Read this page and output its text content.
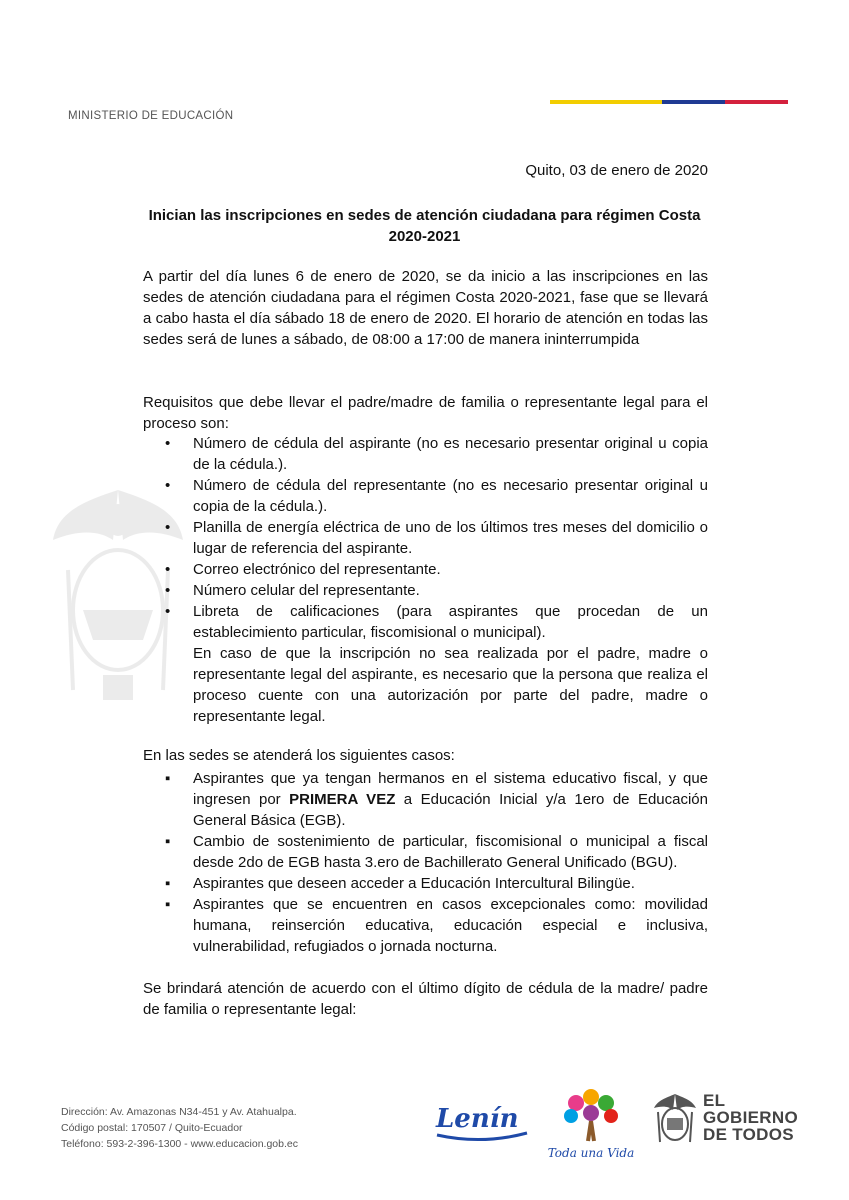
MINISTERIO DE EDUCACIÓN
Quito, 03 de enero de 2020
Inician las inscripciones en sedes de atención ciudadana para régimen Costa
2020-2021

A partir del día lunes 6 de enero de 2020, se da inicio a las inscripciones en las sedes de atención ciudadana para el régimen Costa 2020-2021, fase que se llevará a cabo hasta el día sábado 18 de enero de 2020. El horario de atención en todas las sedes será de lunes a sábado, de 08:00 a 17:00 de manera ininterrumpida

Requisitos que debe llevar el padre/madre de familia o representante legal para el proceso son:

• Número de cédula del aspirante (no es necesario presentar original u copia de la cédula.).
• Número de cédula del representante (no es necesario presentar original u copia de la cédula.).
• Planilla de energía eléctrica de uno de los últimos tres meses del domicilio o lugar de referencia del aspirante.
• Correo electrónico del representante.
• Número celular del representante.
• Libreta de calificaciones (para aspirantes que procedan de un establecimiento particular, fiscomisional o municipal).
En caso de que la inscripción no sea realizada por el padre, madre o representante legal del aspirante, es necesario que la persona que realiza el proceso cuente con una autorización por parte del padre, madre o representante legal.

En las sedes se atenderá los siguientes casos:

▪ Aspirantes que ya tengan hermanos en el sistema educativo fiscal, y que ingresen por PRIMERA VEZ a Educación Inicial y/a 1ero de Educación General Básica (EGB).
▪ Cambio de sostenimiento de particular, fiscomisional o municipal a fiscal desde 2do de EGB hasta 3.ero de Bachillerato General Unificado (BGU).
▪ Aspirantes que deseen acceder a Educación Intercultural Bilingüe.
▪ Aspirantes que se encuentren en casos excepcionales como: movilidad humana, reinserción educativa, educación especial e inclusiva, vulnerabilidad, refugiados o jornada nocturna.

Se brindará atención de acuerdo con el último dígito de cédula de la madre/ padre de familia o representante legal:

Dirección: Av. Amazonas N34-451 y Av. Atahualpa.
Código postal: 170507 / Quito-Ecuador
Teléfono: 593-2-396-1300 - www.educacion.gob.ec
Lenín
Toda una Vida
EL
GOBIERNO
DE TODOS
